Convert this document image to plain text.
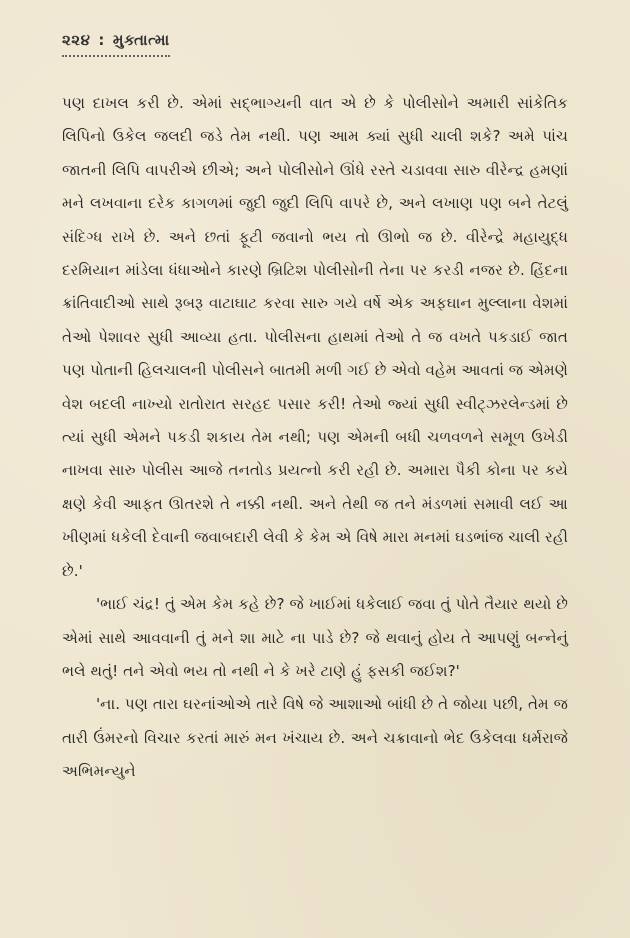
૨૨૪ : મુક્તાત્મા

પણ દાખલ કરી છે. એમાં સદ્ભાગ્યની વાત એ છે કે પોલીસોને અમારી સાંકેતિક લિપિનો ઉકેલ જલદી જડે તેમ નથી. પણ આમ ક્યાં સુધી ચાલી શકે? અમે પાંચ જાતની લિપિ વાપરીએ છીએ; અને પોલીસોને ઊંધે રસ્તે ચડાવવા સારુ વીરેન્દ્ર હમણાં મને લખવાના દરેક કાગળમાં જુદી જુદી લિપિ વાપરે છે, અને લખાણ પણ બને તેટલું સંદિગ્ધ રાખે છે. અને છતાં ફૂટી જવાનો ભય તો ઊભો જ છે. વીરેન્દ્રે મહાયુદ્ધ દરમિયાન માંડેલા ધંધાઓને કારણે બ્રિટિશ પોલીસોની તેના પર કરડી નજર છે. હિંદના ક્રાંતિવાદીઓ સાથે રૂબરૂ વાટાઘાટ કરવા સારુ ગયે વર્ષે એક અફઘાન મુલ્લાના વેશમાં તેઓ પેશાવર સુધી આવ્યા હતા. પોલીસના હાથમાં તેઓ તે જ વખતે પકડાઈ જાત પણ પોતાની હિલચાલની પોલીસને બાતમી મળી ગઈ છે એવો વહેમ આવતાં જ એમણે વેશ બદલી નાખ્યો રાતોરાત સરહદ પસાર કરી! તેઓ જ્યાં સુધી સ્વીટ્ઝરલેન્ડમાં છે ત્યાં સુધી એમને પકડી શકાય તેમ નથી; પણ એમની બધી ચળવળને સમૂળ ઉખેડી નાખવા સારુ પોલીસ આજે તનતોડ પ્રયત્નો કરી રહી છે. અમારા પૈકી કોના પર કયે ક્ષણે કેવી આફત ઊતરશે તે નક્કી નથી. અને તેથી જ તને મંડળમાં સમાવી લઈ આ ખીણમાં ધકેલી દેવાની જવાબદારી લેવી કે કેમ એ વિષે મારા મનમાં ઘડભાંજ ચાલી રહી છે.'

'ભાઈ ચંદ્ર! તું એમ કેમ કહે છે? જે ખાઈમાં ધકેલાઈ જવા તું પોતે તૈયાર થયો છે એમાં સાથે આવવાની તું મને શા માટે ના પાડે છે? જે થવાનું હોય તે આપણું બન્નેનું ભલે થતું! તને એવો ભય તો નથી ને કે ખરે ટાણે હું ફસકી જઈશ?'

'ના. પણ તારા ઘરનાંઓએ તારે વિષે જે આશાઓ બાંધી છે તે જોયા પછી, તેમ જ તારી ઉંમરનો વિચાર કરતાં મારું મન ખંચાય છે. અને ચક્રાવાનો ભેદ ઉકેલવા ધર્મરાજે અભિમન્યુને
